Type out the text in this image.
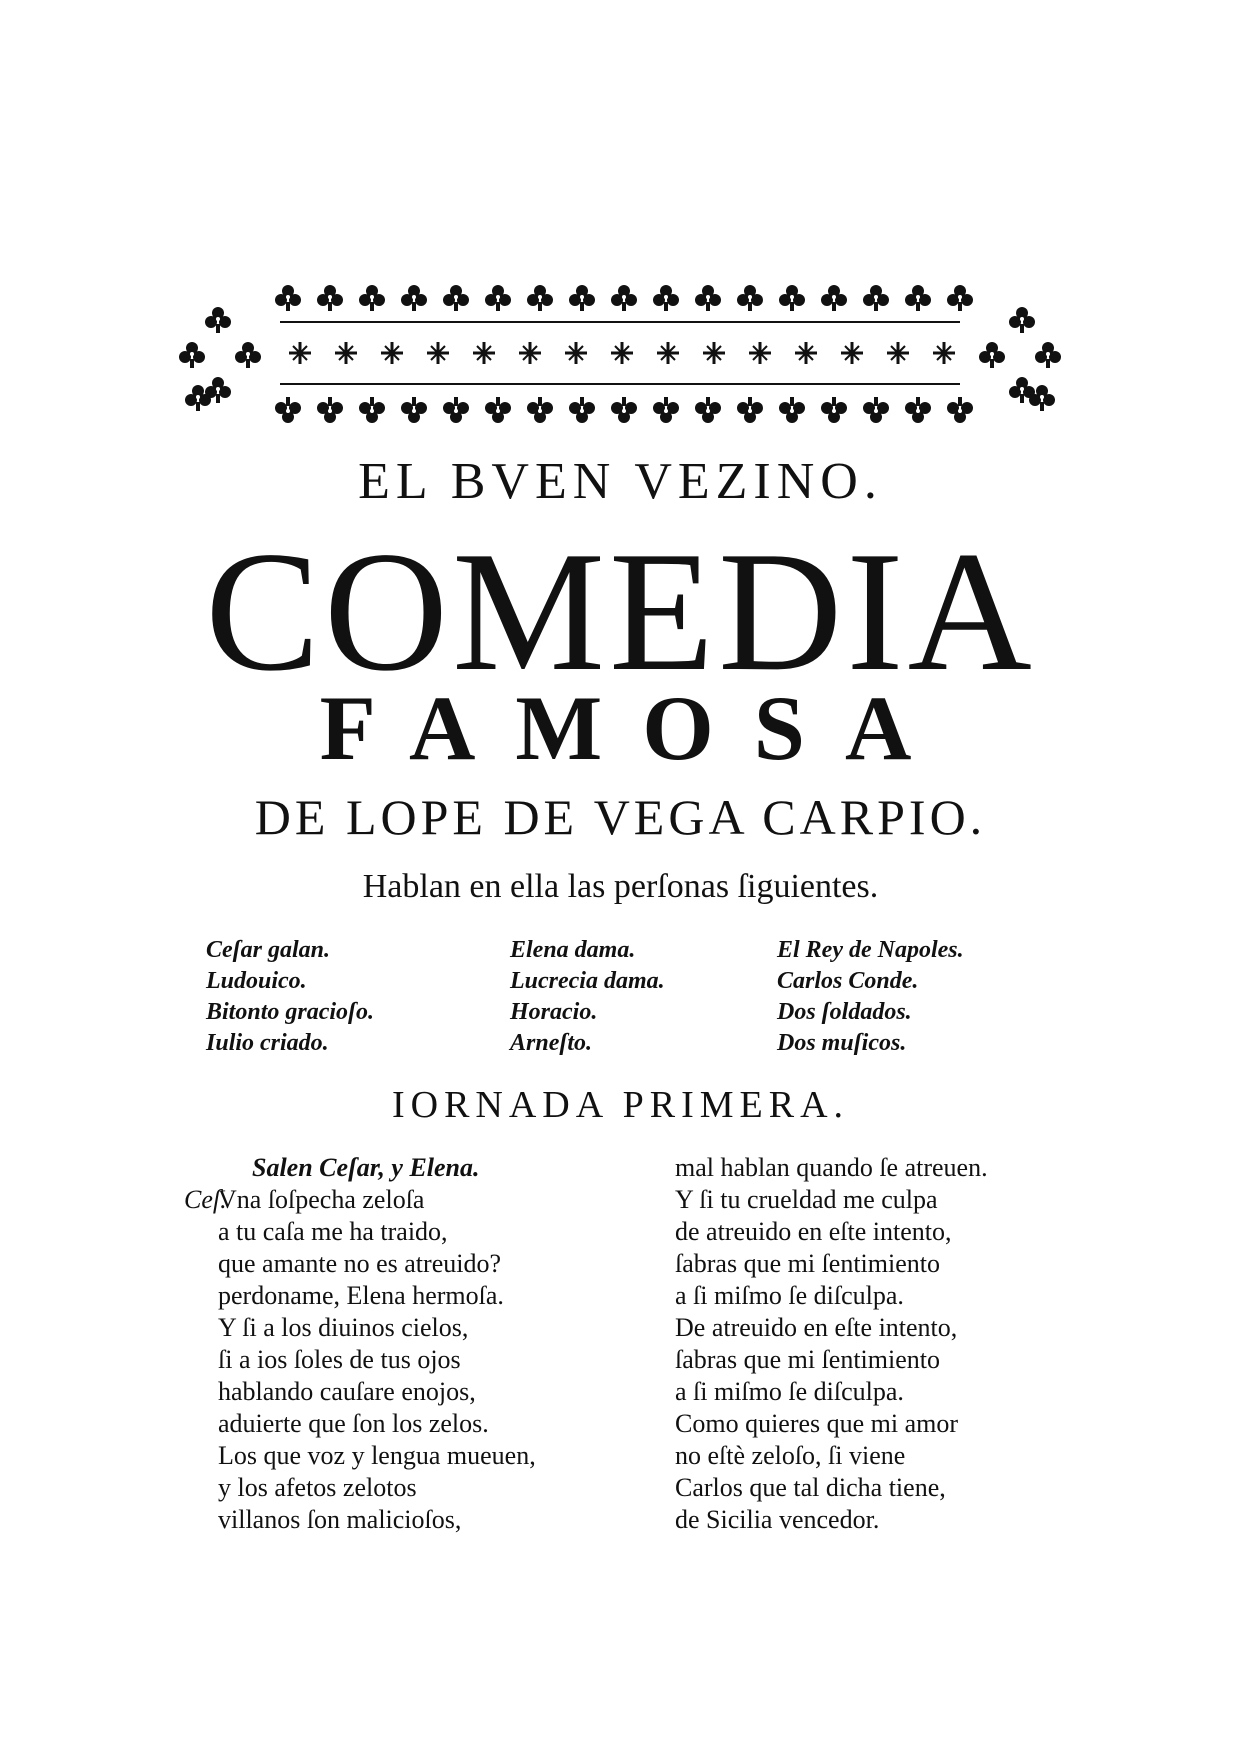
EL BVEN VEZINO.
COMEDIA
FAMOSA
DE LOPE DE VEGA CARPIO.
Hablan en ella las perſonas ſiguientes.
Ceſar galan.
Ludouico.
Bitonto gracioſo.
Iulio criado.
Elena dama.
Lucrecia dama.
Horacio.
Arneſto.
El Rey de Napoles.
Carlos Conde.
Dos ſoldados.
Dos muſicos.
IORNADA PRIMERA.
Salen Ceſar, y Elena.
Ceſ.Vna ſoſpecha zeloſa
a tu caſa me ha traido,
que amante no es atreuido?
perdoname, Elena hermoſa.
Y ſi a los diuinos cielos,
ſi a ios ſoles de tus ojos
hablando cauſare enojos,
aduierte que ſon los zelos.
Los que voz y lengua mueuen,
y los afetos zelotos
villanos ſon malicioſos,
mal hablan quando ſe atreuen.
Y ſi tu crueldad me culpa
de atreuido en eſte intento,
ſabras que mi ſentimiento
a ſi miſmo ſe diſculpa.
De atreuido en eſte intento,
ſabras que mi ſentimiento
a ſi miſmo ſe diſculpa.
Como quieres que mi amor
no eſtè zeloſo, ſi viene
Carlos que tal dicha tiene,
de Sicilia vencedor.
